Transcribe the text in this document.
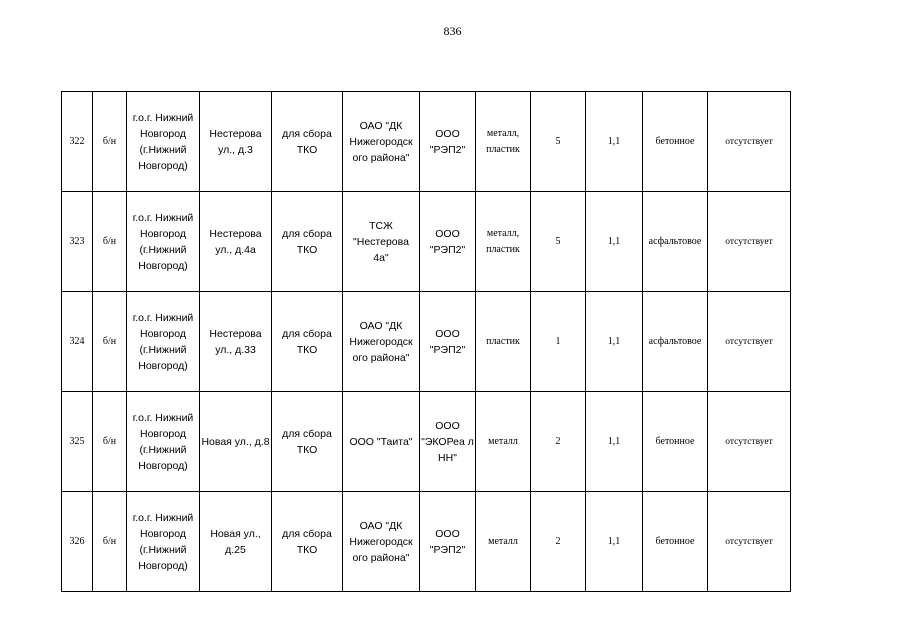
836
322	б/н	г.о.г. Нижний Новгород (г.Нижний Новгород)	Нестерова ул., д.3	для сбора ТКО	ОАО "ДК Нижегородск ого района"	ООО "РЭП2"	металл, пластик	5	1,1	бетонное	отсутствует
323	б/н	г.о.г. Нижний Новгород (г.Нижний Новгород)	Нестерова ул., д.4а	для сбора ТКО	ТСЖ "Нестерова 4а"	ООО "РЭП2"	металл, пластик	5	1,1	асфальтовое	отсутствует
324	б/н	г.о.г. Нижний Новгород (г.Нижний Новгород)	Нестерова ул., д.33	для сбора ТКО	ОАО "ДК Нижегородск ого района"	ООО "РЭП2"	пластик	1	1,1	асфальтовое	отсутствует
325	б/н	г.о.г. Нижний Новгород (г.Нижний Новгород)	Новая ул., д.8	для сбора ТКО	ООО "Таита"	ООО "ЭКОРеа л НН"	металл	2	1,1	бетонное	отсутствует
326	б/н	г.о.г. Нижний Новгород (г.Нижний Новгород)	Новая ул., д.25	для сбора ТКО	ОАО "ДК Нижегородск ого района"	ООО "РЭП2"	металл	2	1,1	бетонное	отсутствует
